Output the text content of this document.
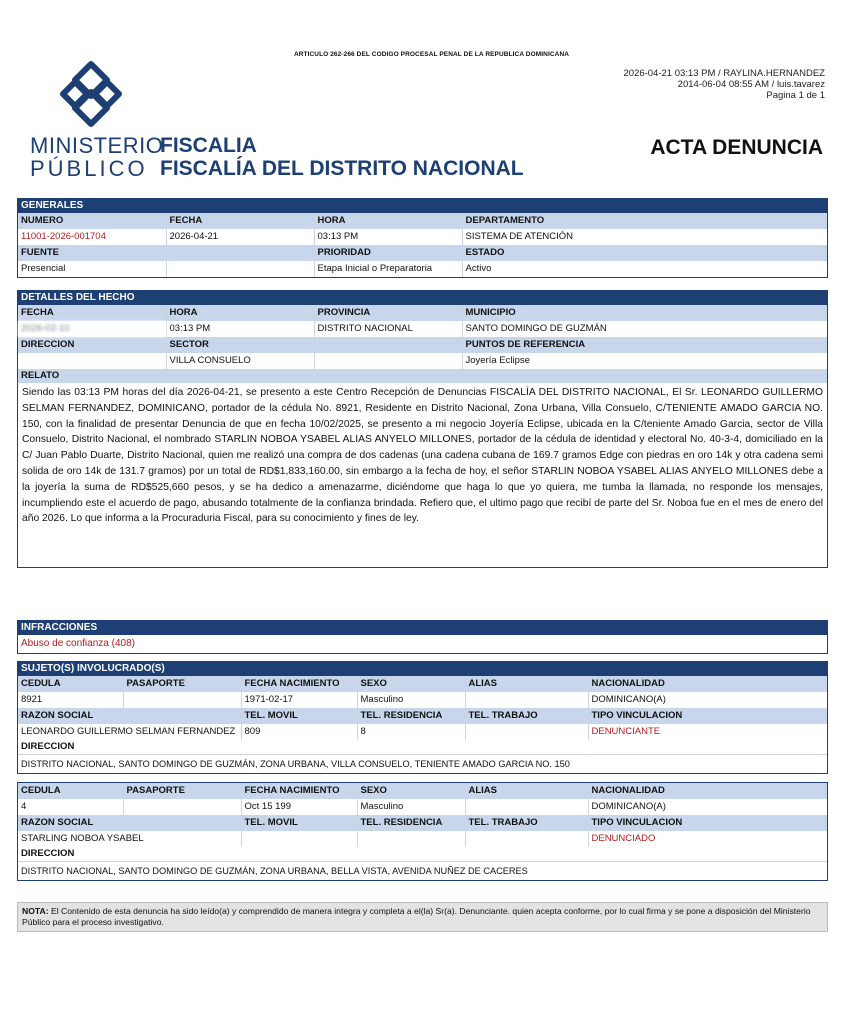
ARTICULO 262-266 DEL CODIGO PROCESAL PENAL DE LA REPUBLICA DOMINICANA
2026-04-21 03:13 PM / RAYLINA.HERNANDEZ
2014-06-04 08:55 AM / luis.tavarez
Pagina 1 de 1
MINISTERIO
PÚBLICO
FISCALIA
FISCALÍA DEL DISTRITO NACIONAL
ACTA DENUNCIA
GENERALES
NUMERO	FECHA	HORA	DEPARTAMENTO
11001-2026-001704	2026-04-21	03:13 PM	SISTEMA DE ATENCIÓN
FUENTE		PRIORIDAD	ESTADO
Presencial		Etapa Inicial o Preparatoria	Activo
DETALLES DEL HECHO
FECHA	HORA	PROVINCIA	MUNICIPIO
2026-02-10	03:13 PM	DISTRITO NACIONAL	SANTO DOMINGO DE GUZMÁN
DIRECCION	SECTOR		PUNTOS DE REFERENCIA
	VILLA CONSUELO		Joyería Eclipse
RELATO
Siendo las 03:13 PM horas del día 2026-04-21, se presento a este Centro Recepción de Denuncias FISCALÍA DEL DISTRITO NACIONAL, El Sr. LEONARDO GUILLERMO SELMAN FERNANDEZ, DOMINICANO, portador de la cédula No. 8921, Residente en Distrito Nacional, Zona Urbana, Villa Consuelo, C/TENIENTE AMADO GARCIA NO. 150, con la finalidad de presentar Denuncia de que en fecha 10/02/2025, se presento a mi negocio Joyería Eclipse, ubicada en la C/teniente Amado Garcia, sector de Villa Consuelo, Distrito Nacional, el nombrado STARLIN NOBOA YSABEL ALIAS ANYELO MILLONES, portador de la cédula de identidad y electoral No. 40-3-4, domiciliado en la C/ Juan Pablo Duarte, Distrito Nacional, quien me realizó una compra de dos cadenas (una cadena cubana de 169.7 gramos Edge con piedras en oro 14k y otra cadena semi solida de oro 14k de 131.7 gramos) por un total de RD$1,833,160.00, sin embargo a la fecha de hoy, el señor STARLIN NOBOA YSABEL ALIAS ANYELO MILLONES debe a la joyería la suma de RD$525,660 pesos, y se ha dedico a amenazarme, diciéndome que haga lo que yo quiera, me tumba la llamada, no responde los mensajes, incumpliendo este el acuerdo de pago, abusando totalmente de la confianza brindada. Refiero que, el ultimo pago que recibí de parte del Sr. Noboa fue en el mes de enero del año 2026. Lo que informa a la Procuraduria Fiscal, para su conocimiento y fines de ley.
INFRACCIONES
Abuso de confianza (408)
SUJETO(S) INVOLUCRADO(S)
CEDULA	PASAPORTE	FECHA NACIMIENTO	SEXO	ALIAS	NACIONALIDAD
8921		1971-02-17	Masculino		DOMINICANO(A)
RAZON SOCIAL		TEL. MOVIL	TEL. RESIDENCIA	TEL. TRABAJO	TIPO VINCULACION
LEONARDO GUILLERMO SELMAN FERNANDEZ		809	8		DENUNCIANTE
DIRECCION
DISTRITO NACIONAL, SANTO DOMINGO DE GUZMÁN, ZONA URBANA, VILLA CONSUELO, TENIENTE AMADO GARCIA NO. 150
CEDULA	PASAPORTE	FECHA NACIMIENTO	SEXO	ALIAS	NACIONALIDAD
4		Oct 15 199	Masculino		DOMINICANO(A)
RAZON SOCIAL		TEL. MOVIL	TEL. RESIDENCIA	TEL. TRABAJO	TIPO VINCULACION
STARLING NOBOA YSABEL					DENUNCIADO
DIRECCION
DISTRITO NACIONAL, SANTO DOMINGO DE GUZMÁN, ZONA URBANA, BELLA VISTA, AVENIDA NUÑEZ DE CACERES
NOTA: El Contenido de esta denuncia ha sido leído(a) y comprendido de manera integra y completa a el(la) Sr(a). Denunciante. quien acepta conforme, por lo cual firma y se pone a disposición del Ministerio Público para el proceso investigativo.
